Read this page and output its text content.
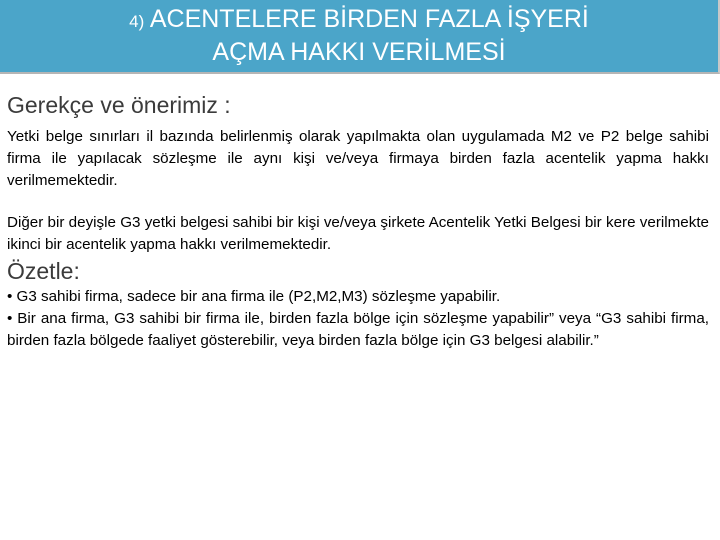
4) ACENTELERE BİRDEN FAZLA İŞYERİ
AÇMA HAKKI VERİLMESİ
Gerekçe ve önerimiz :

Yetki belge sınırları il bazında belirlenmiş olarak yapılmakta olan uygulamada M2 ve P2 belge sahibi firma ile yapılacak sözleşme ile aynı kişi ve/veya firmaya birden fazla acentelik yapma hakkı verilmemektedir.

Diğer bir deyişle G3 yetki belgesi sahibi bir kişi ve/veya şirkete Acentelik Yetki Belgesi bir kere verilmekte ikinci bir acentelik yapma hakkı verilmemektedir.

Özetle:

• G3 sahibi firma, sadece bir ana firma ile (P2,M2,M3) sözleşme yapabilir.

• Bir ana firma, G3 sahibi bir firma ile, birden fazla bölge için sözleşme yapabilir” veya “G3 sahibi firma, birden fazla bölgede faaliyet gösterebilir, veya birden fazla bölge için G3 belgesi alabilir.”
